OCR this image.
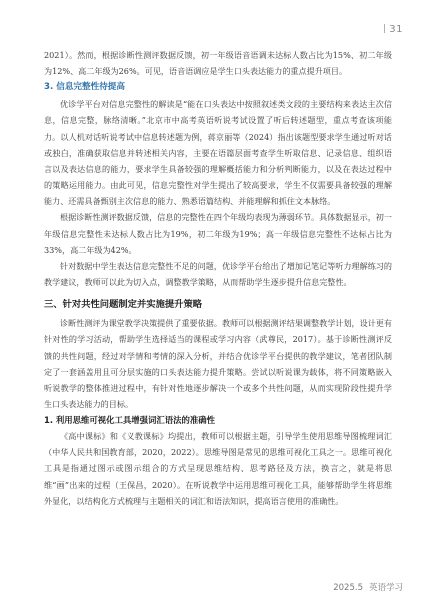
31

2021）。然而，根据诊断性测评数据反馈，初一年级语音语调未达标人数占比为15%、初二年级为12%、高二年级为26%。可见，语音语调应是学生口头表达能力的重点提升项目。

3. 信息完整性待提高

优诊学平台对信息完整性的解读是“能在口头表达中按照叙述类文段的主要结构来表达主次信息，信息完整，脉络清晰。”北京市中高考英语听说考试设置了听后转述题型，重点考查该项能力。以人机对话听说考试中信息转述题为例，蒋京丽等（2024）指出该题型要求学生通过听对话或独白，准确获取信息并转述相关内容，主要在语篇层面考查学生听取信息、记录信息、组织语言以及表达信息的能力，要求学生具备较强的理解概括能力和分析判断能力，以及在表达过程中的策略运用能力。由此可见，信息完整性对学生提出了较高要求，学生不仅需要具备较强的理解能力、还需具备甄别主次信息的能力、熟悉语篇结构、并能理解和抓住文本脉络。

根据诊断性测评数据反馈，信息的完整性在四个年级均表现为薄弱环节。具体数据显示，初一年级信息完整性未达标人数占比为19%，初二年级为19%；高一年级信息完整性不达标占比为33%，高二年级为42%。

针对数据中学生表达信息完整性不足的问题，优诊学平台给出了增加记笔记等听力理解练习的教学建议，教师可以此为切入点，调整教学策略，从而帮助学生逐步提升信息完整性。

三、针对共性问题制定并实施提升策略

诊断性测评为课堂教学决策提供了重要依据。教师可以根据测评结果调整教学计划，设计更有针对性的学习活动，帮助学生选择适当的课程或学习内容（武尊民，2017）。基于诊断性测评反馈的共性问题，经过对学情和考情的深入分析，并结合优诊学平台提供的教学建议，笔者团队制定了一套涵盖用且可分层实施的口头表达能力提升策略。尝试以听说课为载体，将不同策略嵌入听说教学的整体推进过程中，有针对性地逐步解决一个或多个共性问题，从而实现阶段性提升学生口头表达能力的目标。

1. 利用思维可视化工具增强词汇语法的准确性

《高中课标》和《义教课标》均提出，教师可以根据主题，引导学生使用思维导图梳理词汇（中华人民共和国教育部，2020，2022）。思维导图是常见的思维可视化工具之一。思维可视化工具是指通过图示或图示组合的方式呈现思维结构、思考路径及方法，换言之，就是将思维“画”出来的过程（王保昌，2020）。在听说教学中运用思维可视化工具，能够帮助学生将思维外显化，以结构化方式梳理与主题相关的词汇和语法知识，提高语言使用的准确性。

2025.5 英语学习
